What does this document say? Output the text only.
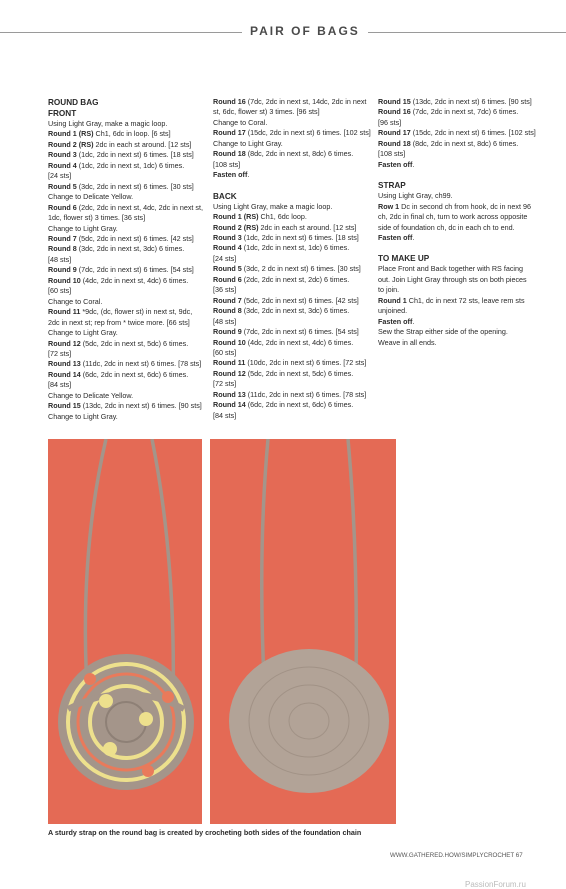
PAIR OF BAGS

ROUND BAG

FRONT

Using Light Gray, make a magic loop.

Round 1 (RS) Ch1, 6dc in loop. [6 sts]

Round 2 (RS) 2dc in each st around. [12 sts]

Round 3 (1dc, 2dc in next st) 6 times. [18 sts]

Round 4 (1dc, 2dc in next st, 1dc) 6 times.

[24 sts]

Round 5 (3dc, 2dc in next st) 6 times. [30 sts]

Change to Delicate Yellow.

Round 6 (2dc, 2dc in next st, 4dc, 2dc in next st,

1dc, flower st) 3 times. [36 sts]

Change to Light Gray.

Round 7 (5dc, 2dc in next st) 6 times. [42 sts]

Round 8 (3dc, 2dc in next st, 3dc) 6 times.

[48 sts]

Round 9 (7dc, 2dc in next st) 6 times. [54 sts]

Round 10 (4dc, 2dc in next st, 4dc) 6 times.

[60 sts]

Change to Coral.

Round 11 *9dc, (dc, flower st) in next st, 9dc,

2dc in next st; rep from * twice more. [66 sts]

Change to Light Gray.

Round 12 (5dc, 2dc in next st, 5dc) 6 times.

[72 sts]

Round 13 (11dc, 2dc in next st) 6 times. [78 sts]

Round 14 (6dc, 2dc in next st, 6dc) 6 times.

[84 sts]

Change to Delicate Yellow.

Round 15 (13dc, 2dc in next st) 6 times. [90 sts]

Change to Light Gray.

Round 16 (7dc, 2dc in next st, 14dc, 2dc in next

st, 6dc, flower st) 3 times. [96 sts]

Change to Coral.

Round 17 (15dc, 2dc in next st) 6 times. [102 sts]

Change to Light Gray.

Round 18 (8dc, 2dc in next st, 8dc) 6 times.

[108 sts]

Fasten off.

BACK

Using Light Gray, make a magic loop.

Round 1 (RS) Ch1, 6dc loop.

Round 2 (RS) 2dc in each st around. [12 sts]

Round 3 (1dc, 2dc in next st) 6 times. [18 sts]

Round 4 (1dc, 2dc in next st, 1dc) 6 times.

[24 sts]

Round 5 (3dc, 2 dc in next st) 6 times. [30 sts]

Round 6 (2dc, 2dc in next st, 2dc) 6 times.

[36 sts]

Round 7 (5dc, 2dc in next st) 6 times. [42 sts]

Round 8 (3dc, 2dc in next st, 3dc) 6 times.

[48 sts]

Round 9 (7dc, 2dc in next st) 6 times. [54 sts]

Round 10 (4dc, 2dc in next st, 4dc) 6 times.

[60 sts]

Round 11 (10dc, 2dc in next st) 6 times. [72 sts]

Round 12 (5dc, 2dc in next st, 5dc) 6 times.

[72 sts]

Round 13 (11dc, 2dc in next st) 6 times. [78 sts]

Round 14 (6dc, 2dc in next st, 6dc) 6 times.

[84 sts]

Round 15 (13dc, 2dc in next st) 6 times. [90 sts]

Round 16 (7dc, 2dc in next st, 7dc) 6 times.

[96 sts]

Round 17 (15dc, 2dc in next st) 6 times. [102 sts]

Round 18 (8dc, 2dc in next st, 8dc) 6 times.

[108 sts]

Fasten off.

STRAP

Using Light Gray, ch99.

Row 1 Dc in second ch from hook, dc in next 96

ch, 2dc in final ch, turn to work across opposite

side of foundation ch, dc in each ch to end.

Fasten off.

TO MAKE UP

Place Front and Back together with RS facing

out. Join Light Gray through sts on both pieces

to join.

Round 1 Ch1, dc in next 72 sts, leave rem sts

unjoined.

Fasten off.

Sew the Strap either side of the opening.

Weave in all ends.

A sturdy strap on the round bag is created by crocheting both sides of the foundation chain
WWW.GATHERED.HOW/SIMPLYCROCHET 67
PassionForum.ru
